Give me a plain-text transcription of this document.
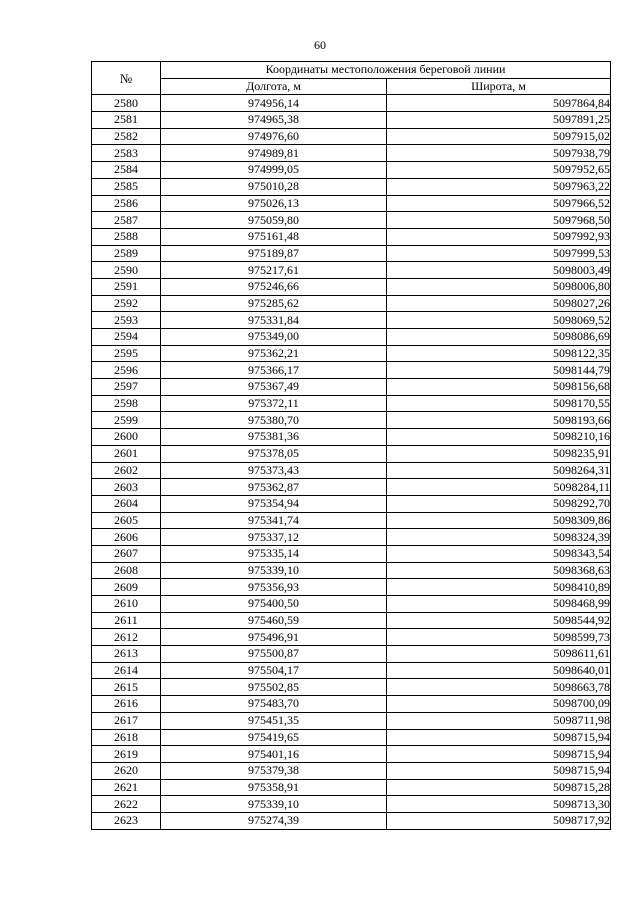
60
№	Координаты местоположения береговой линии	
	Долгота, м	Широта, м
2580	974956,14	5097864,84
2581	974965,38	5097891,25
2582	974976,60	5097915,02
2583	974989,81	5097938,79
2584	974999,05	5097952,65
2585	975010,28	5097963,22
2586	975026,13	5097966,52
2587	975059,80	5097968,50
2588	975161,48	5097992,93
2589	975189,87	5097999,53
2590	975217,61	5098003,49
2591	975246,66	5098006,80
2592	975285,62	5098027,26
2593	975331,84	5098069,52
2594	975349,00	5098086,69
2595	975362,21	5098122,35
2596	975366,17	5098144,79
2597	975367,49	5098156,68
2598	975372,11	5098170,55
2599	975380,70	5098193,66
2600	975381,36	5098210,16
2601	975378,05	5098235,91
2602	975373,43	5098264,31
2603	975362,87	5098284,11
2604	975354,94	5098292,70
2605	975341,74	5098309,86
2606	975337,12	5098324,39
2607	975335,14	5098343,54
2608	975339,10	5098368,63
2609	975356,93	5098410,89
2610	975400,50	5098468,99
2611	975460,59	5098544,92
2612	975496,91	5098599,73
2613	975500,87	5098611,61
2614	975504,17	5098640,01
2615	975502,85	5098663,78
2616	975483,70	5098700,09
2617	975451,35	5098711,98
2618	975419,65	5098715,94
2619	975401,16	5098715,94
2620	975379,38	5098715,94
2621	975358,91	5098715,28
2622	975339,10	5098713,30
2623	975274,39	5098717,92
